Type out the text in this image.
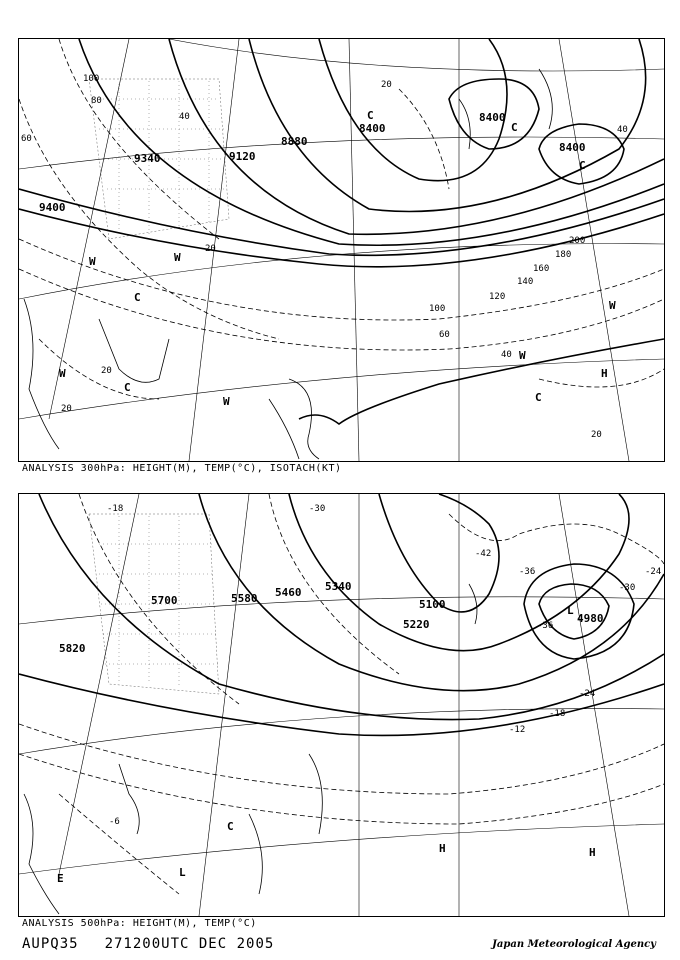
9400
9340	9120
8880
8400
8400
8400
100
80
60
40
20
20
20
100
120
140
160
180
200
20
40
60
40
20
W	W
C
C
W
W
C
C
H
W
C
C
W
ANALYSIS 300hPa: HEIGHT(M), TEMP(°C), ISOTACH(KT)
5700	5580
5820
5460 5340
5100
5220	4980
-18	-30
-42
-36	-24
-36
-30
-24
-18
-12
-6
L
C
L
E
H	H
ANALYSIS 500hPa: HEIGHT(M), TEMP(°C)
AUPQ35 271200UTC DEC 2005	Japan Meteorological Agency
